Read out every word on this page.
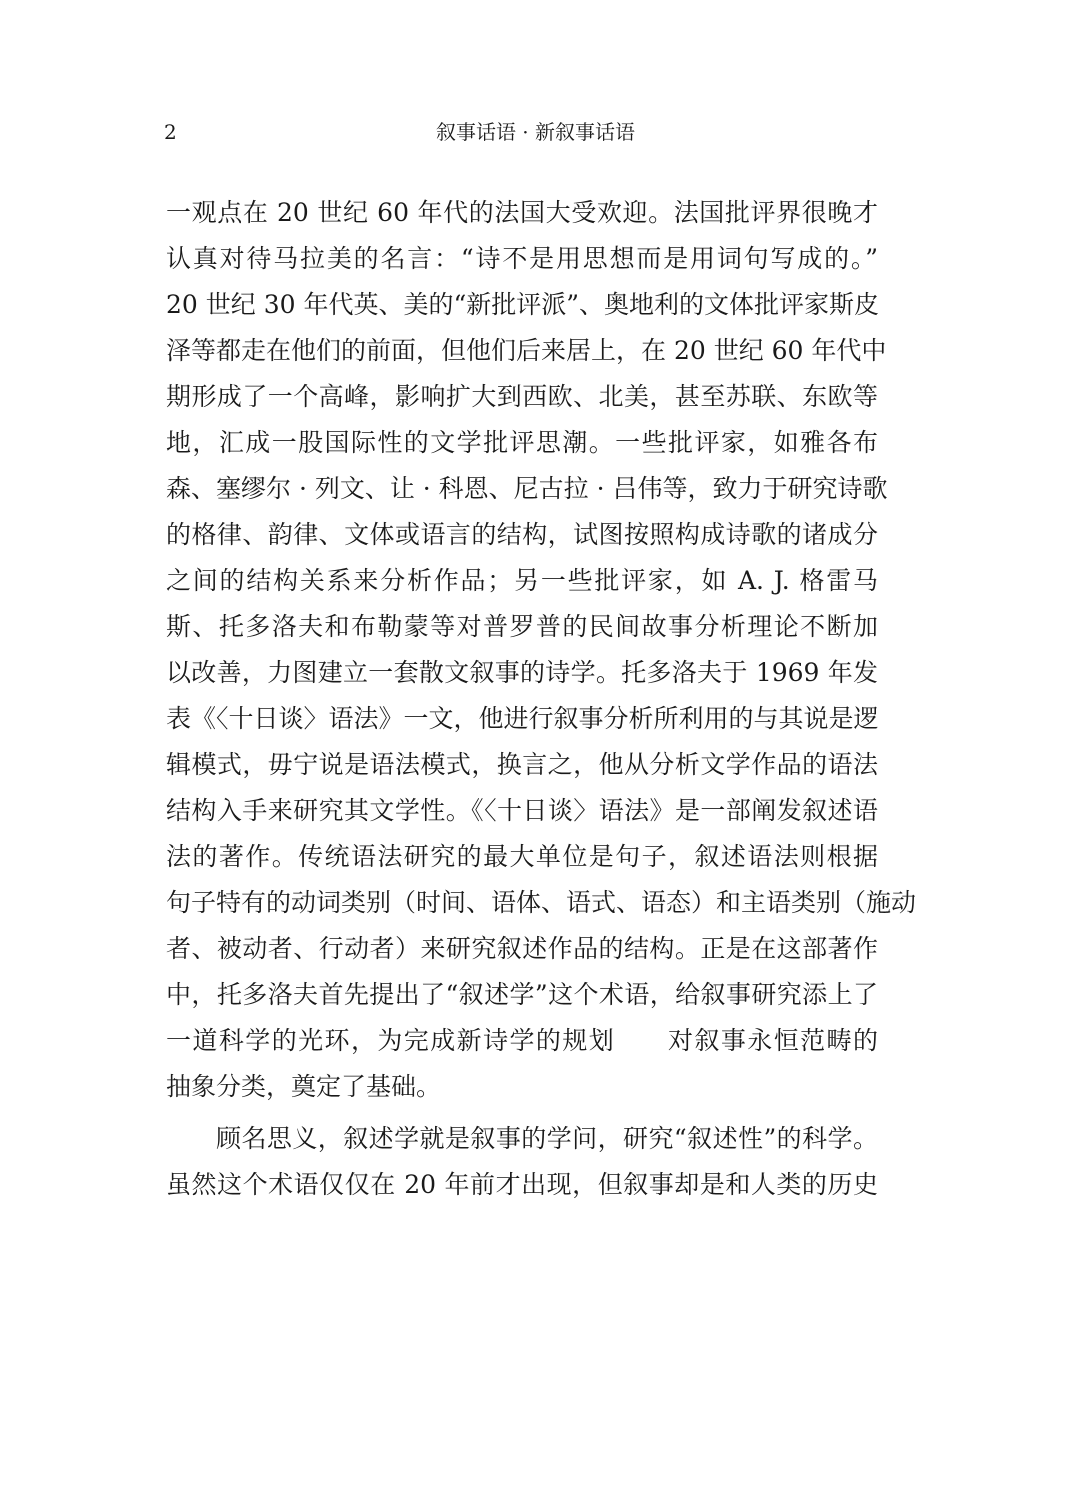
2	叙事话语 · 新叙事话语
一观点在 20 世纪 60 年代的法国大受欢迎。法国批评界很晚才
认真对待马拉美的名言：“诗不是用思想而是用词句写成的。”
20 世纪 30 年代英、美的“新批评派”、奥地利的文体批评家斯皮
泽等都走在他们的前面，但他们后来居上，在 20 世纪 60 年代中
期形成了一个高峰，影响扩大到西欧、北美，甚至苏联、东欧等
地，汇成一股国际性的文学批评思潮。一些批评家，如雅各布
森、塞缪尔 · 列文、让 · 科恩、尼古拉 · 吕伟等，致力于研究诗歌
的格律、韵律、文体或语言的结构，试图按照构成诗歌的诸成分
之间的结构关系来分析作品；另一些批评家，如 A. J. 格雷马
斯、托多洛夫和布勒蒙等对普罗普的民间故事分析理论不断加
以改善，力图建立一套散文叙事的诗学。托多洛夫于 1969 年发
表《〈十日谈〉语法》一文，他进行叙事分析所利用的与其说是逻
辑模式，毋宁说是语法模式，换言之，他从分析文学作品的语法
结构入手来研究其文学性。《〈十日谈〉语法》是一部阐发叙述语
法的著作。传统语法研究的最大单位是句子，叙述语法则根据
句子特有的动词类别（时间、语体、语式、语态）和主语类别（施动
者、被动者、行动者）来研究叙述作品的结构。正是在这部著作
中，托多洛夫首先提出了“叙述学”这个术语，给叙事研究添上了
一道科学的光环，为完成新诗学的规划　　对叙事永恒范畴的
抽象分类，奠定了基础。
顾名思义，叙述学就是叙事的学问，研究“叙述性”的科学。
虽然这个术语仅仅在 20 年前才出现，但叙事却是和人类的历史
